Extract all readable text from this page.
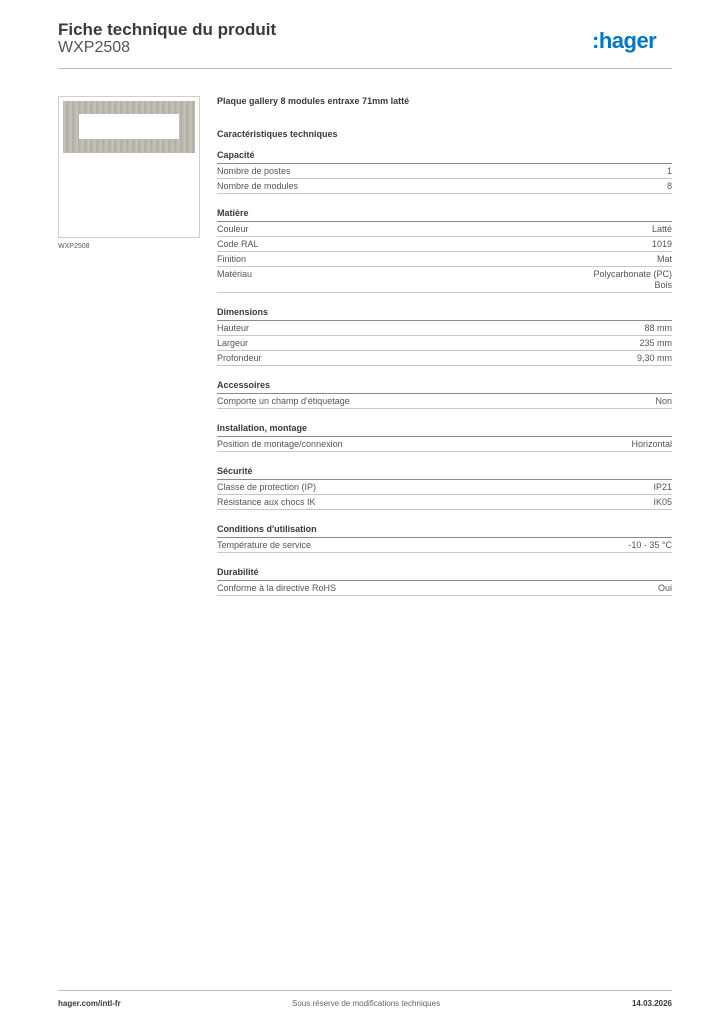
Fiche technique du produit
WXP2508	:hager
WXP2508
Plaque gallery 8 modules entraxe 71mm latté
Caractéristiques techniques
Capacité
Nombre de postes	1
Nombre de modules	8
Matière
Couleur	Latté
Code RAL	1019
Finition	Mat
Matériau	Polycarbonate (PC)
Bois
Dimensions
Hauteur	88 mm
Largeur	235 mm
Profondeur	9,30 mm
Accessoires
Comporte un champ d'étiquetage	Non
Installation, montage
Position de montage/connexion	Horizontal
Sécurité
Classe de protection (IP)	IP21
Résistance aux chocs IK	IK05
Conditions d'utilisation
Température de service	-10 - 35 °C
Durabilité
Conforme à la directive RoHS	Oui
hager.com/intl-fr	Sous réserve de modifications techniques	14.03.2026
